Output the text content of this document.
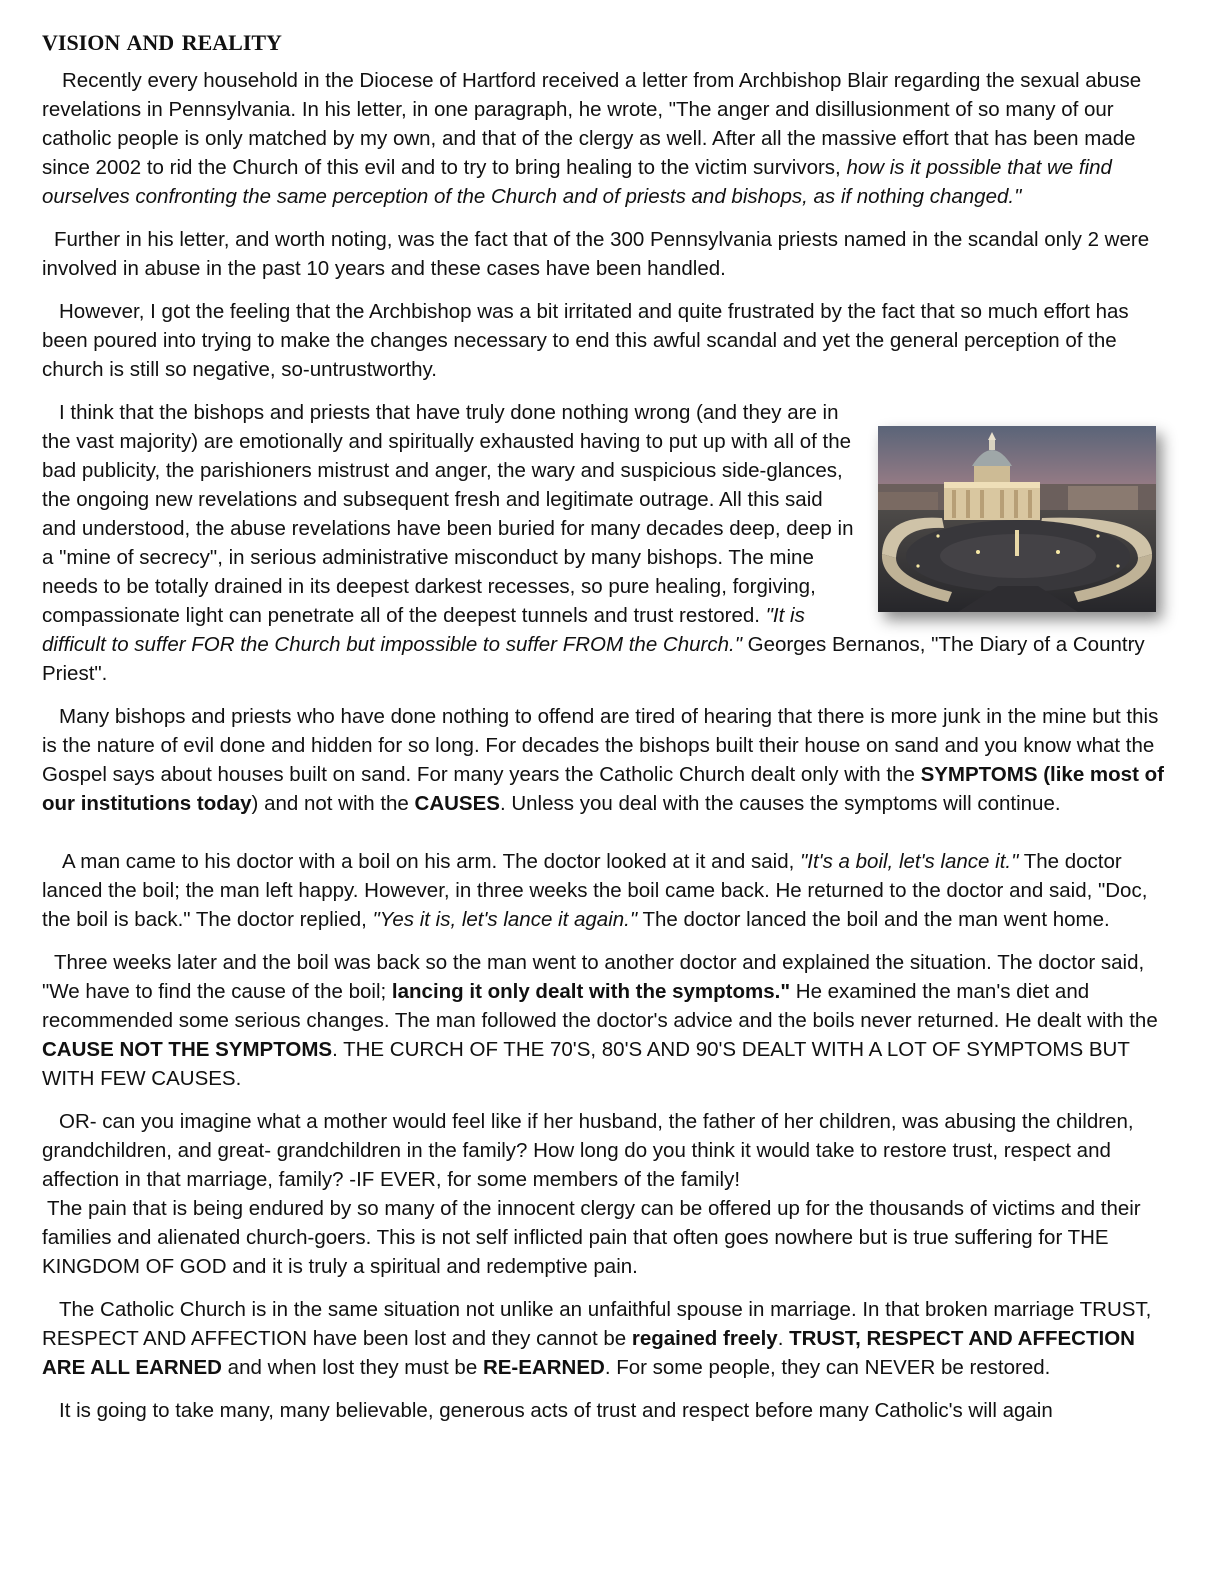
VISION AND REALITY

Recently every household in the Diocese of Hartford received a letter from Archbishop Blair regarding the sexual abuse revelations in Pennsylvania. In his letter, in one paragraph, he wrote, "The anger and disillusionment of so many of our catholic people is only matched by my own, and that of the clergy as well. After all the massive effort that has been made since 2002 to rid the Church of this evil and to try to bring healing to the victim survivors, how is it possible that we find ourselves confronting the same perception of the Church and of priests and bishops, as if nothing changed."

Further in his letter, and worth noting, was the fact that of the 300 Pennsylvania priests named in the scandal only 2 were involved in abuse in the past 10 years and these cases have been handled.

However, I got the feeling that the Archbishop was a bit irritated and quite frustrated by the fact that so much effort has been poured into trying to make the changes necessary to end this awful scandal and yet the general perception of the church is still so negative, so-untrustworthy.

I think that the bishops and priests that have truly done nothing wrong (and they are in the vast majority) are emotionally and spiritually exhausted having to put up with all of the bad publicity, the parishioners mistrust and anger, the wary and suspicious side-glances, the ongoing new revelations and subsequent fresh and legitimate outrage. All this said and understood, the abuse revelations have been buried for many decades deep, deep in a "mine of secrecy", in serious administrative misconduct by many bishops. The mine needs to be totally drained in its deepest darkest recesses, so pure healing, forgiving, compassionate light can penetrate all of the deepest tunnels and trust restored. "It is difficult to suffer FOR the Church but impossible to suffer FROM the Church." Georges Bernanos, "The Diary of a Country Priest".

Many bishops and priests who have done nothing to offend are tired of hearing that there is more junk in the mine but this is the nature of evil done and hidden for so long. For decades the bishops built their house on sand and you know what the Gospel says about houses built on sand. For many years the Catholic Church dealt only with the SYMPTOMS (like most of our institutions today) and not with the CAUSES. Unless you deal with the causes the symptoms will continue.

A man came to his doctor with a boil on his arm. The doctor looked at it and said, "It's a boil, let's lance it." The doctor lanced the boil; the man left happy. However, in three weeks the boil came back. He returned to the doctor and said, "Doc, the boil is back." The doctor replied, "Yes it is, let's lance it again." The doctor lanced the boil and the man went home.

Three weeks later and the boil was back so the man went to another doctor and explained the situation. The doctor said, "We have to find the cause of the boil; lancing it only dealt with the symptoms." He examined the man's diet and recommended some serious changes. The man followed the doctor's advice and the boils never returned. He dealt with the CAUSE NOT THE SYMPTOMS. THE CURCH OF THE 70'S, 80'S AND 90'S DEALT WITH A LOT OF SYMPTOMS BUT WITH FEW CAUSES.

OR- can you imagine what a mother would feel like if her husband, the father of her children, was abusing the children, grandchildren, and great- grandchildren in the family? How long do you think it would take to restore trust, respect and affection in that marriage, family? -IF EVER, for some members of the family!

The pain that is being endured by so many of the innocent clergy can be offered up for the thousands of victims and their families and alienated church-goers. This is not self inflicted pain that often goes nowhere but is true suffering for THE KINGDOM OF GOD and it is truly a spiritual and redemptive pain.

The Catholic Church is in the same situation not unlike an unfaithful spouse in marriage. In that broken marriage TRUST, RESPECT AND AFFECTION have been lost and they cannot be regained freely. TRUST, RESPECT AND AFFECTION ARE ALL EARNED and when lost they must be RE-EARNED. For some people, they can NEVER be restored.

It is going to take many, many believable, generous acts of trust and respect before many Catholic's will again
